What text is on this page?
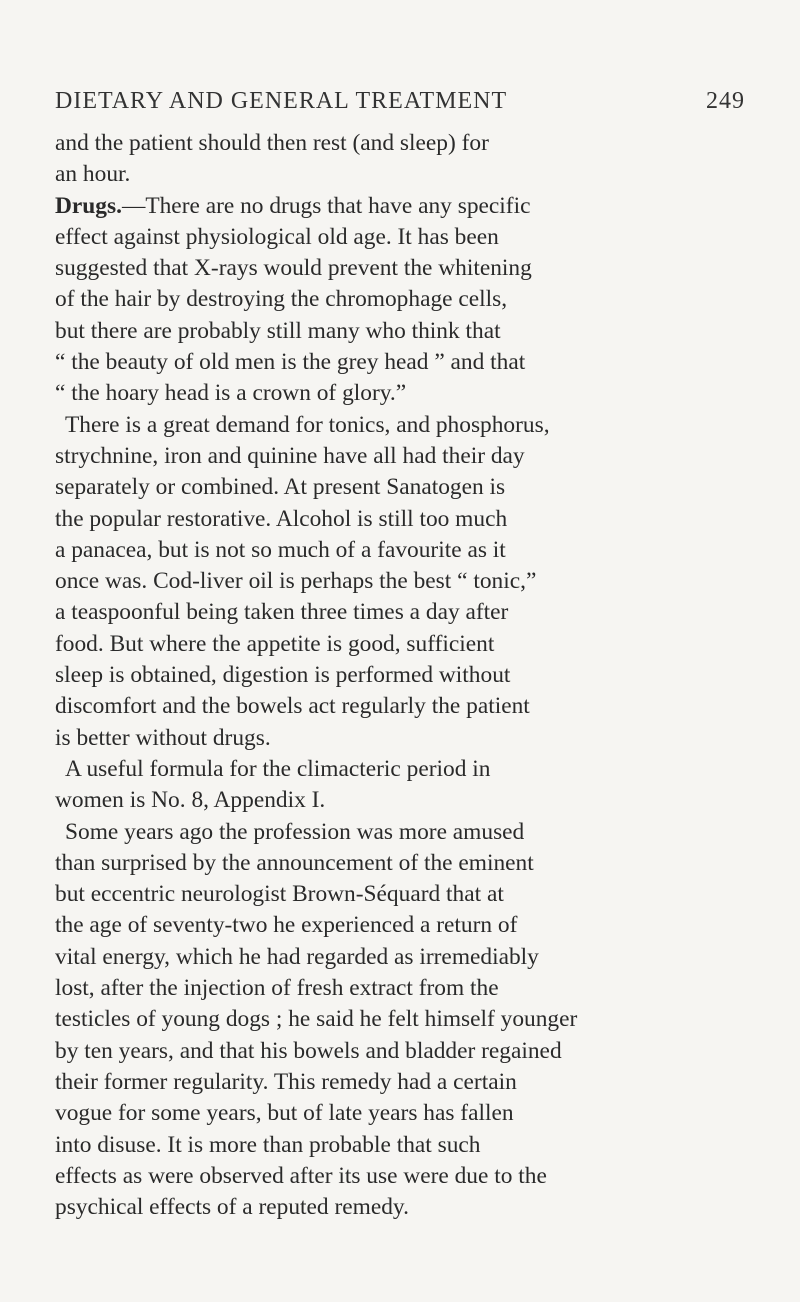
DIETARY AND GENERAL TREATMENT	249
and the patient should then rest (and sleep) for
an hour.
Drugs.—There are no drugs that have any specific
effect against physiological old age. It has been
suggested that X-rays would prevent the whitening
of the hair by destroying the chromophage cells,
but there are probably still many who think that
“ the beauty of old men is the grey head ” and that
“ the hoary head is a crown of glory.”
There is a great demand for tonics, and phosphorus,
strychnine, iron and quinine have all had their day
separately or combined. At present Sanatogen is
the popular restorative. Alcohol is still too much
a panacea, but is not so much of a favourite as it
once was. Cod-liver oil is perhaps the best “ tonic,”
a teaspoonful being taken three times a day after
food. But where the appetite is good, sufficient
sleep is obtained, digestion is performed without
discomfort and the bowels act regularly the patient
is better without drugs.
A useful formula for the climacteric period in
women is No. 8, Appendix I.
Some years ago the profession was more amused
than surprised by the announcement of the eminent
but eccentric neurologist Brown-Séquard that at
the age of seventy-two he experienced a return of
vital energy, which he had regarded as irremediably
lost, after the injection of fresh extract from the
testicles of young dogs ; he said he felt himself younger
by ten years, and that his bowels and bladder regained
their former regularity. This remedy had a certain
vogue for some years, but of late years has fallen
into disuse. It is more than probable that such
effects as were observed after its use were due to the
psychical effects of a reputed remedy.
